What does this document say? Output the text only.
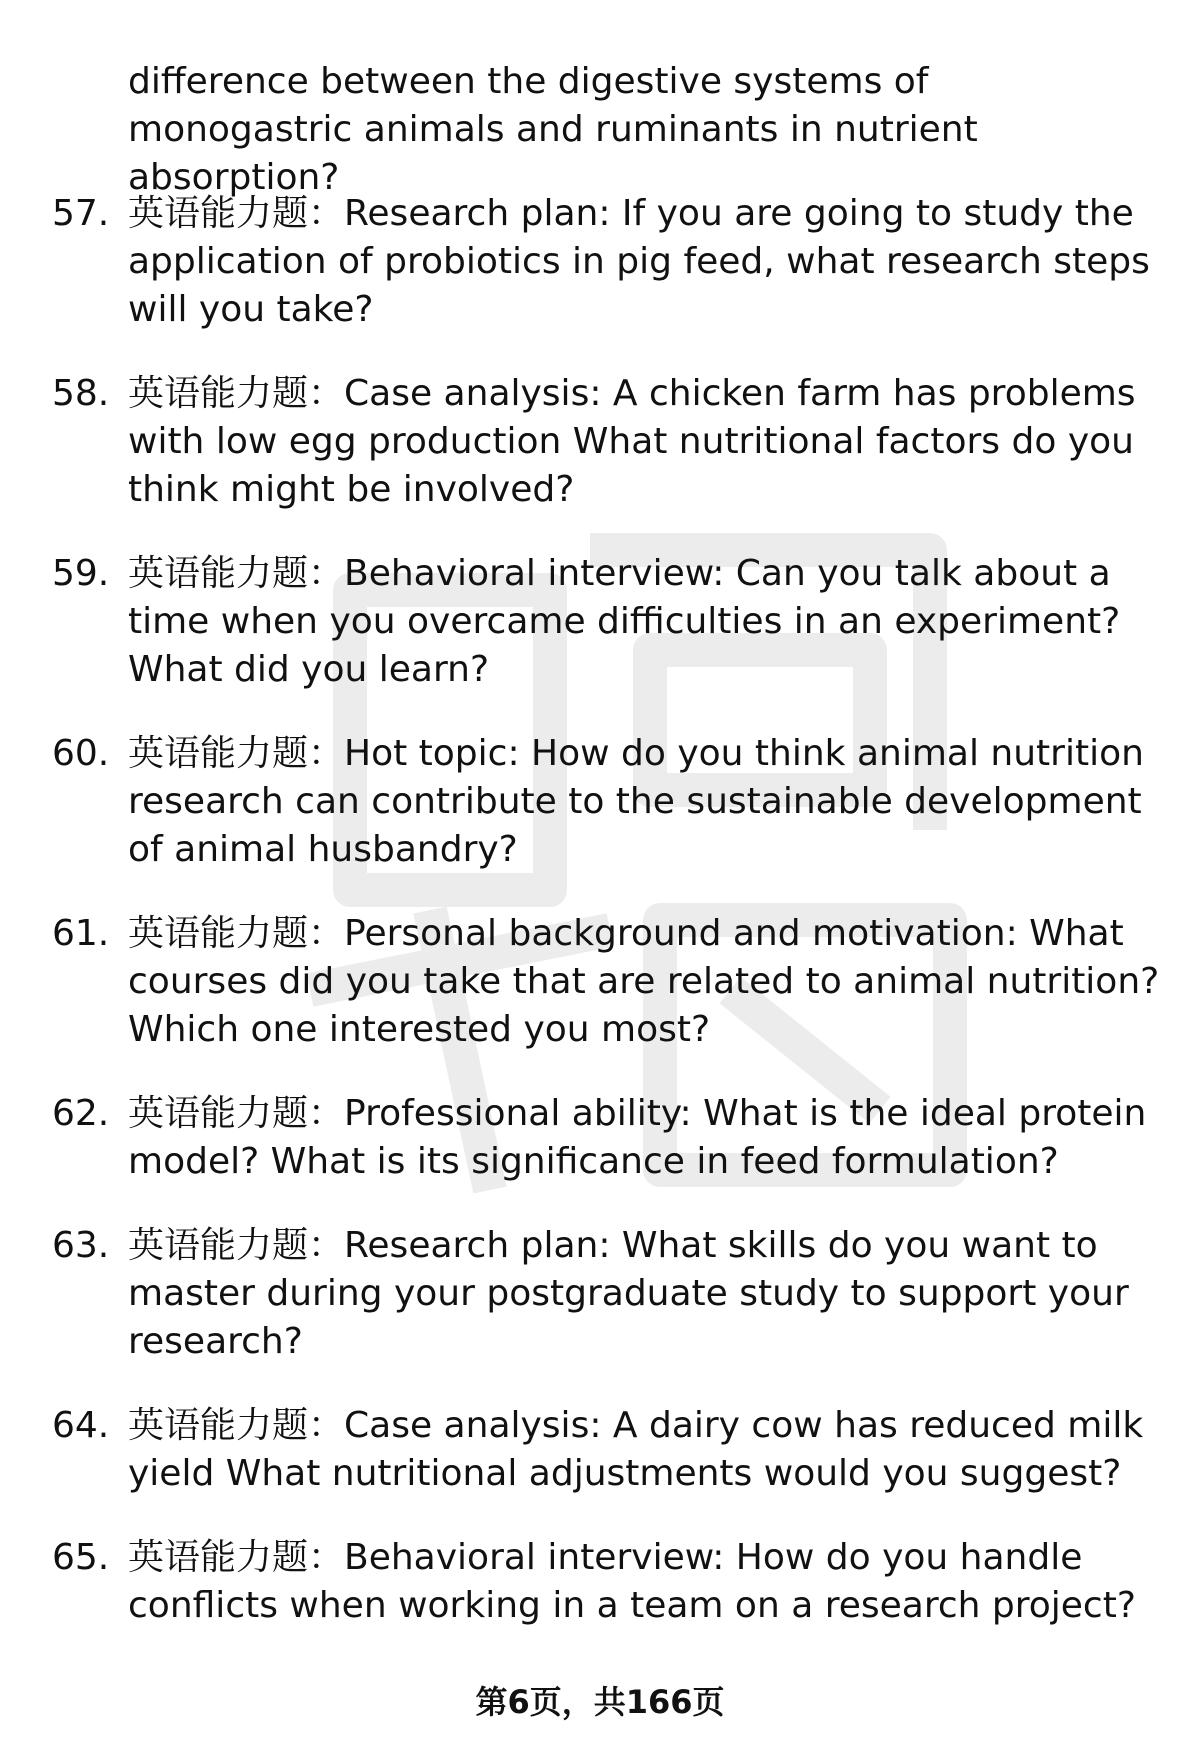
difference between the digestive systems of monogastric animals and ruminants in nutrient absorption?
57. 英语能力题：Research plan: If you are going to study the application of probiotics in pig feed, what research steps will you take?
58. 英语能力题：Case analysis: A chicken farm has problems with low egg production What nutritional factors do you think might be involved?
59. 英语能力题：Behavioral interview: Can you talk about a time when you overcame difficulties in an experiment? What did you learn?
60. 英语能力题：Hot topic: How do you think animal nutrition research can contribute to the sustainable development of animal husbandry?
61. 英语能力题：Personal background and motivation: What courses did you take that are related to animal nutrition? Which one interested you most?
62. 英语能力题：Professional ability: What is the ideal protein model? What is its significance in feed formulation?
63. 英语能力题：Research plan: What skills do you want to master during your postgraduate study to support your research?
64. 英语能力题：Case analysis: A dairy cow has reduced milk yield What nutritional adjustments would you suggest?
65. 英语能力题：Behavioral interview: How do you handle conflicts when working in a team on a research project?
第6页，共166页
